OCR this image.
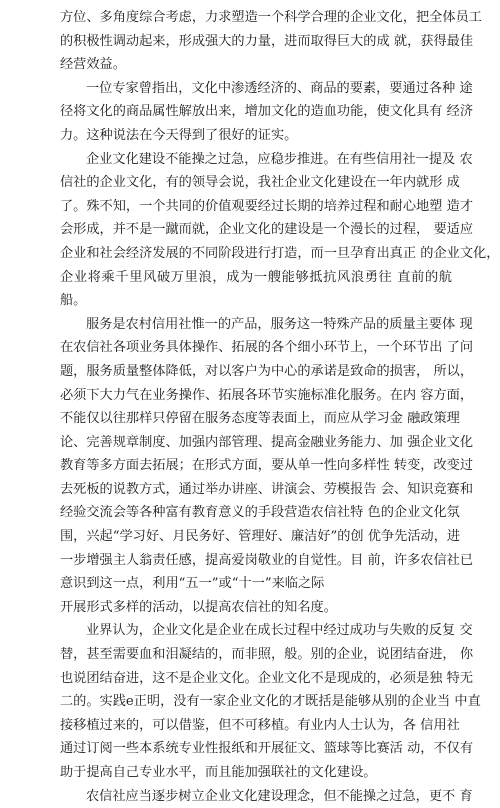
方位、多角度综合考虑，力求塑造一个科学合理的企业文化，把全体员工
的积极性调动起来，形成强大的力量，进而取得巨大的成 就，获得最佳
经营效益。
一位专家曾指出，文化中渗透经济的、商品的要素，要通过各种 途
径将文化的商品属性解放出来，增加文化的造血功能，使文化具有 经济
力。这种说法在今天得到了很好的证实。
企业文化建设不能操之过急，应稳步推进。在有些信用社一提及 农
信社的企业文化，有的领导会说，我社企业文化建设在一年内就形 成
了。殊不知，一个共同的价值观要经过长期的培养过程和耐心地塑 造才
会形成，并不是一蹴而就，企业文化的建设是一个漫长的过程， 要适应
企业和社会经济发展的不同阶段进行打造，而一旦孕育出真正 的企业文化，
企业将乘千里风破万里浪，成为一艘能够抵抗风浪勇往 直前的航
船。
服务是农村信用社惟一的产品，服务这一特殊产品的质量主要体 现
在农信社各项业务具体操作、拓展的各个细小环节上，一个环节出 了问
题，服务质量整体降低，对以客户为中心的承诺是致命的损害， 所以，
必须下大力气在业务操作、拓展各环节实施标准化服务。在内 容方面，
不能仅以往那样只停留在服务态度等表面上，而应从学习金 融政策理
论、完善规章制度、加强内部管理、提高金融业务能力、加 强企业文化
教育等多方面去拓展；在形式方面，要从单一性向多样性 转变，改变过
去死板的说教方式，通过举办讲座、讲演会、劳模报告 会、知识竞赛和
经验交流会等各种富有教育意义的手段营造农信社特 色的企业文化氛
围，兴起“学习好、月民务好、管理好、廉洁好”的创 优争先活动，进
一步增强主人翁责任感，提高爱岗敬业的自觉性。目 前，许多农信社已
意识到这一点，利用“五一”或“十一”来临之际
开展形式多样的活动，以提高农信社的知名度。
业界认为，企业文化是企业在成长过程中经过成功与失败的反复 交
替，甚至需要血和泪凝结的，而非照，般。别的企业，说团结奋进， 你
也说团结奋进，这不是企业文化。企业文化不是现成的，必须是独 特无
二的。实践e正明，没有一家企业文化的才既括是能够从别的企业当 中直
接移植过来的，可以借鉴，但不可移植。有业内人士认为，各 信用社
通过订阅一些本系统专业性报纸和开展征文、篮球等比赛活 动，不仅有
助于提高自己专业水平，而且能加强联社的文化建设。
农信社应当逐步树立企业文化建设理念，但不能操之过急，更不 育
